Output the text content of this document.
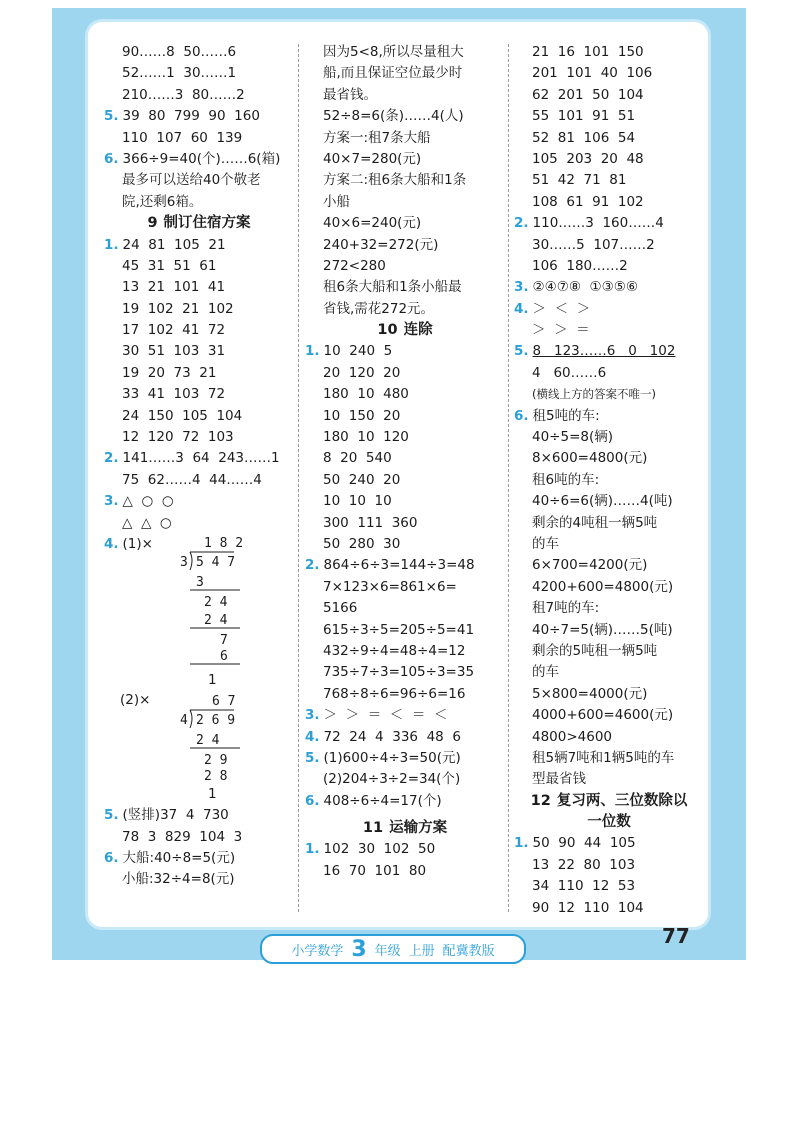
90……8  50……6
52……1  30……1
210……3  80……2
5. 39  80  799  90  160
110  107  60  139
6. 366÷9=40(个)……6(箱)
最多可以送给40个敬老
院,还剩6箱。
9 制订住宿方案
1. 24  81  105  21
45  31  51  61
13  21  101  41
19  102  21  102
17  102  41  72
30  51  103  31
19  20  73  21
33  41  103  72
24  150  105  104
12  120  72  103
2. 141……3  64  243……1
75  62……4  44……4
3. △  ○  ○
△  △  ○
4. (1)×	1 8 2
3 5 4 7
3
2 4
2 4
7
6
1
(2)×	6 7
4 2 6 9
2 4
2 9
2 8
1
5. (竖排)37  4  730
78  3  829  104  3
6. 大船:40÷8=5(元)
小船:32÷4=8(元)
因为5<8,所以尽量租大
船,而且保证空位最少时
最省钱。
52÷8=6(条)……4(人)
方案一:租7条大船
40×7=280(元)
方案二:租6条大船和1条
小船
40×6=240(元)
240+32=272(元)
272<280
租6条大船和1条小船最
省钱,需花272元。
10 连除
1. 10  240  5
20  120  20
180  10  480
10  150  20
180  10  120
8  20  540
50  240  20
10  10  10
300  111  360
50  280  30
2. 864÷6÷3=144÷3=48
7×123×6=861×6=
5166
615÷3÷5=205÷5=41
432÷9÷4=48÷4=12
735÷7÷3=105÷3=35
768÷8÷6=96÷6=16
3. ＞  ＞  ＝  ＜  ＝  ＜
4. 72  24  4  336  48  6
5. (1)600÷4÷3=50(元)
(2)204÷3÷2=34(个)
6. 408÷6÷4=17(个)
11 运输方案
1. 102  30  102  50
16  70  101  80
21  16  101  150
201  101  40  106
62  201  50  104
55  101  91  51
52  81  106  54
105  203  20  48
51  42  71  81
108  61  91  102
2. 110……3  160……4
30……5  107……2
106  180……2
3. ②④⑦⑧  ①③⑤⑥
4. ＞  ＜  ＞
＞  ＞  ＝
5. 8   123……6   0   102
4   60……6
(横线上方的答案不唯一)
6. 租5吨的车:
40÷5=8(辆)
8×600=4800(元)
租6吨的车:
40÷6=6(辆)……4(吨)
剩余的4吨租一辆5吨
的车
6×700=4200(元)
4200+600=4800(元)
租7吨的车:
40÷7=5(辆)……5(吨)
剩余的5吨租一辆5吨
的车
5×800=4000(元)
4000+600=4600(元)
4800>4600
租5辆7吨和1辆5吨的车
型最省钱
12 复习两、三位数除以
一位数
1. 50  90  44  105
13  22  80  103
34  110  12  53
90  12  110  104
小学数学 3 年级 上册 配冀教版
77
